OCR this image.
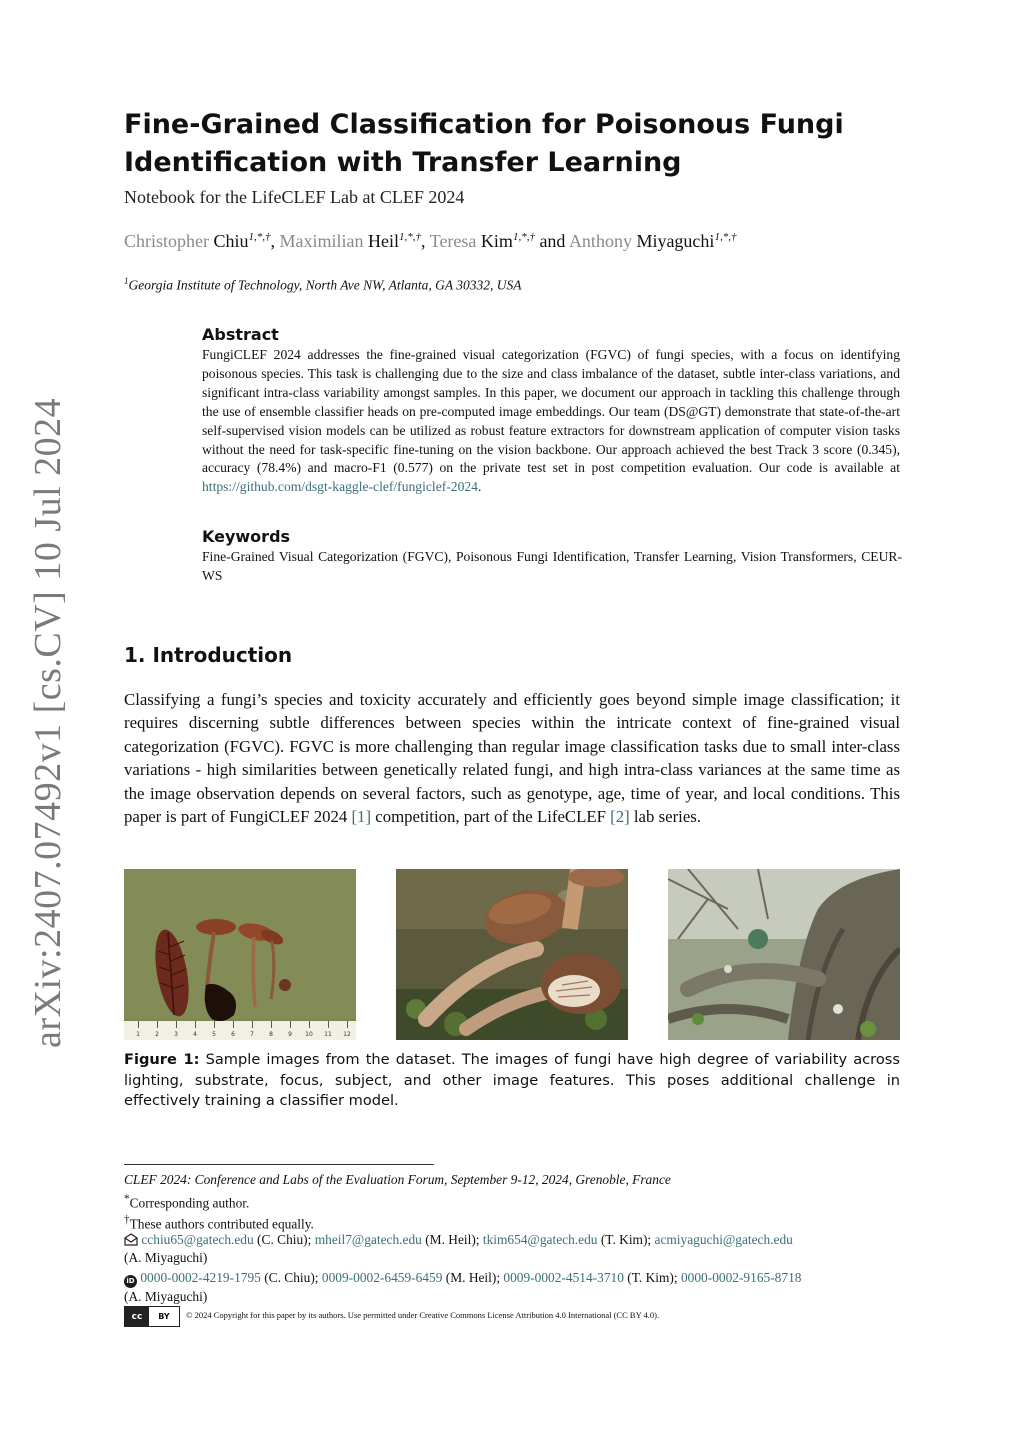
arXiv:2407.07492v1 [cs.CV] 10 Jul 2024
Fine-Grained Classification for Poisonous Fungi
Identification with Transfer Learning
Notebook for the LifeCLEF Lab at CLEF 2024
Christopher Chiu$^{1,*,\dagger}$, Maximilian Heil$^{1,*,\dagger}$, Teresa Kim$^{1,*,\dagger}$ and Anthony Miyaguchi$^{1,*,\dagger}$
$^1$Georgia Institute of Technology, North Ave NW, Atlanta, GA 30332, USA
Abstract
FungiCLEF 2024 addresses the fine-grained visual categorization (FGVC) of fungi species, with a focus on identifying poisonous species. This task is challenging due to the size and class imbalance of the dataset, subtle inter-class variations, and significant intra-class variability amongst samples. In this paper, we document our approach in tackling this challenge through the use of ensemble classifier heads on pre-computed image embeddings. Our team (DS@GT) demonstrate that state-of-the-art self-supervised vision models can be utilized as robust feature extractors for downstream application of computer vision tasks without the need for task-specific fine-tuning on the vision backbone. Our approach achieved the best Track 3 score (0.345), accuracy (78.4%) and macro-F1 (0.577) on the private test set in post competition evaluation. Our code is available at https://github.com/dsgt-kaggle-clef/fungiclef-2024.
Keywords
Fine-Grained Visual Categorization (FGVC), Poisonous Fungi Identification, Transfer Learning, Vision Transformers, CEUR-WS
1. Introduction
Classifying a fungi’s species and toxicity accurately and efficiently goes beyond simple image classification; it requires discerning subtle differences between species within the intricate context of fine-grained visual categorization (FGVC). FGVC is more challenging than regular image classification tasks due to small inter-class variations - high similarities between genetically related fungi, and high intra-class variances at the same time as the image observation depends on several factors, such as genotype, age, time of year, and local conditions. This paper is part of FungiCLEF 2024 [1] competition, part of the LifeCLEF [2] lab series.
1	2	3	4	5	6	7	8	9 10 11 12
Figure 1: Sample images from the dataset. The images of fungi have high degree of variability across lighting, substrate, focus, subject, and other image features. This poses additional challenge in effectively training a classifier model.
CLEF 2024: Conference and Labs of the Evaluation Forum, September 9-12, 2024, Grenoble, France
*Corresponding author.
†These authors contributed equally.
cchiu65@gatech.edu (C. Chiu); mheil7@gatech.edu (M. Heil); tkim654@gatech.edu (T. Kim); acmiyaguchi@gatech.edu
(A. Miyaguchi)
iD 0000-0002-4219-1795 (C. Chiu); 0009-0002-6459-6459 (M. Heil); 0009-0002-4514-3710 (T. Kim); 0000-0002-9165-8718
(A. Miyaguchi)
cc	BY	© 2024 Copyright for this paper by its authors. Use permitted under Creative Commons License Attribution 4.0 International (CC BY 4.0).
